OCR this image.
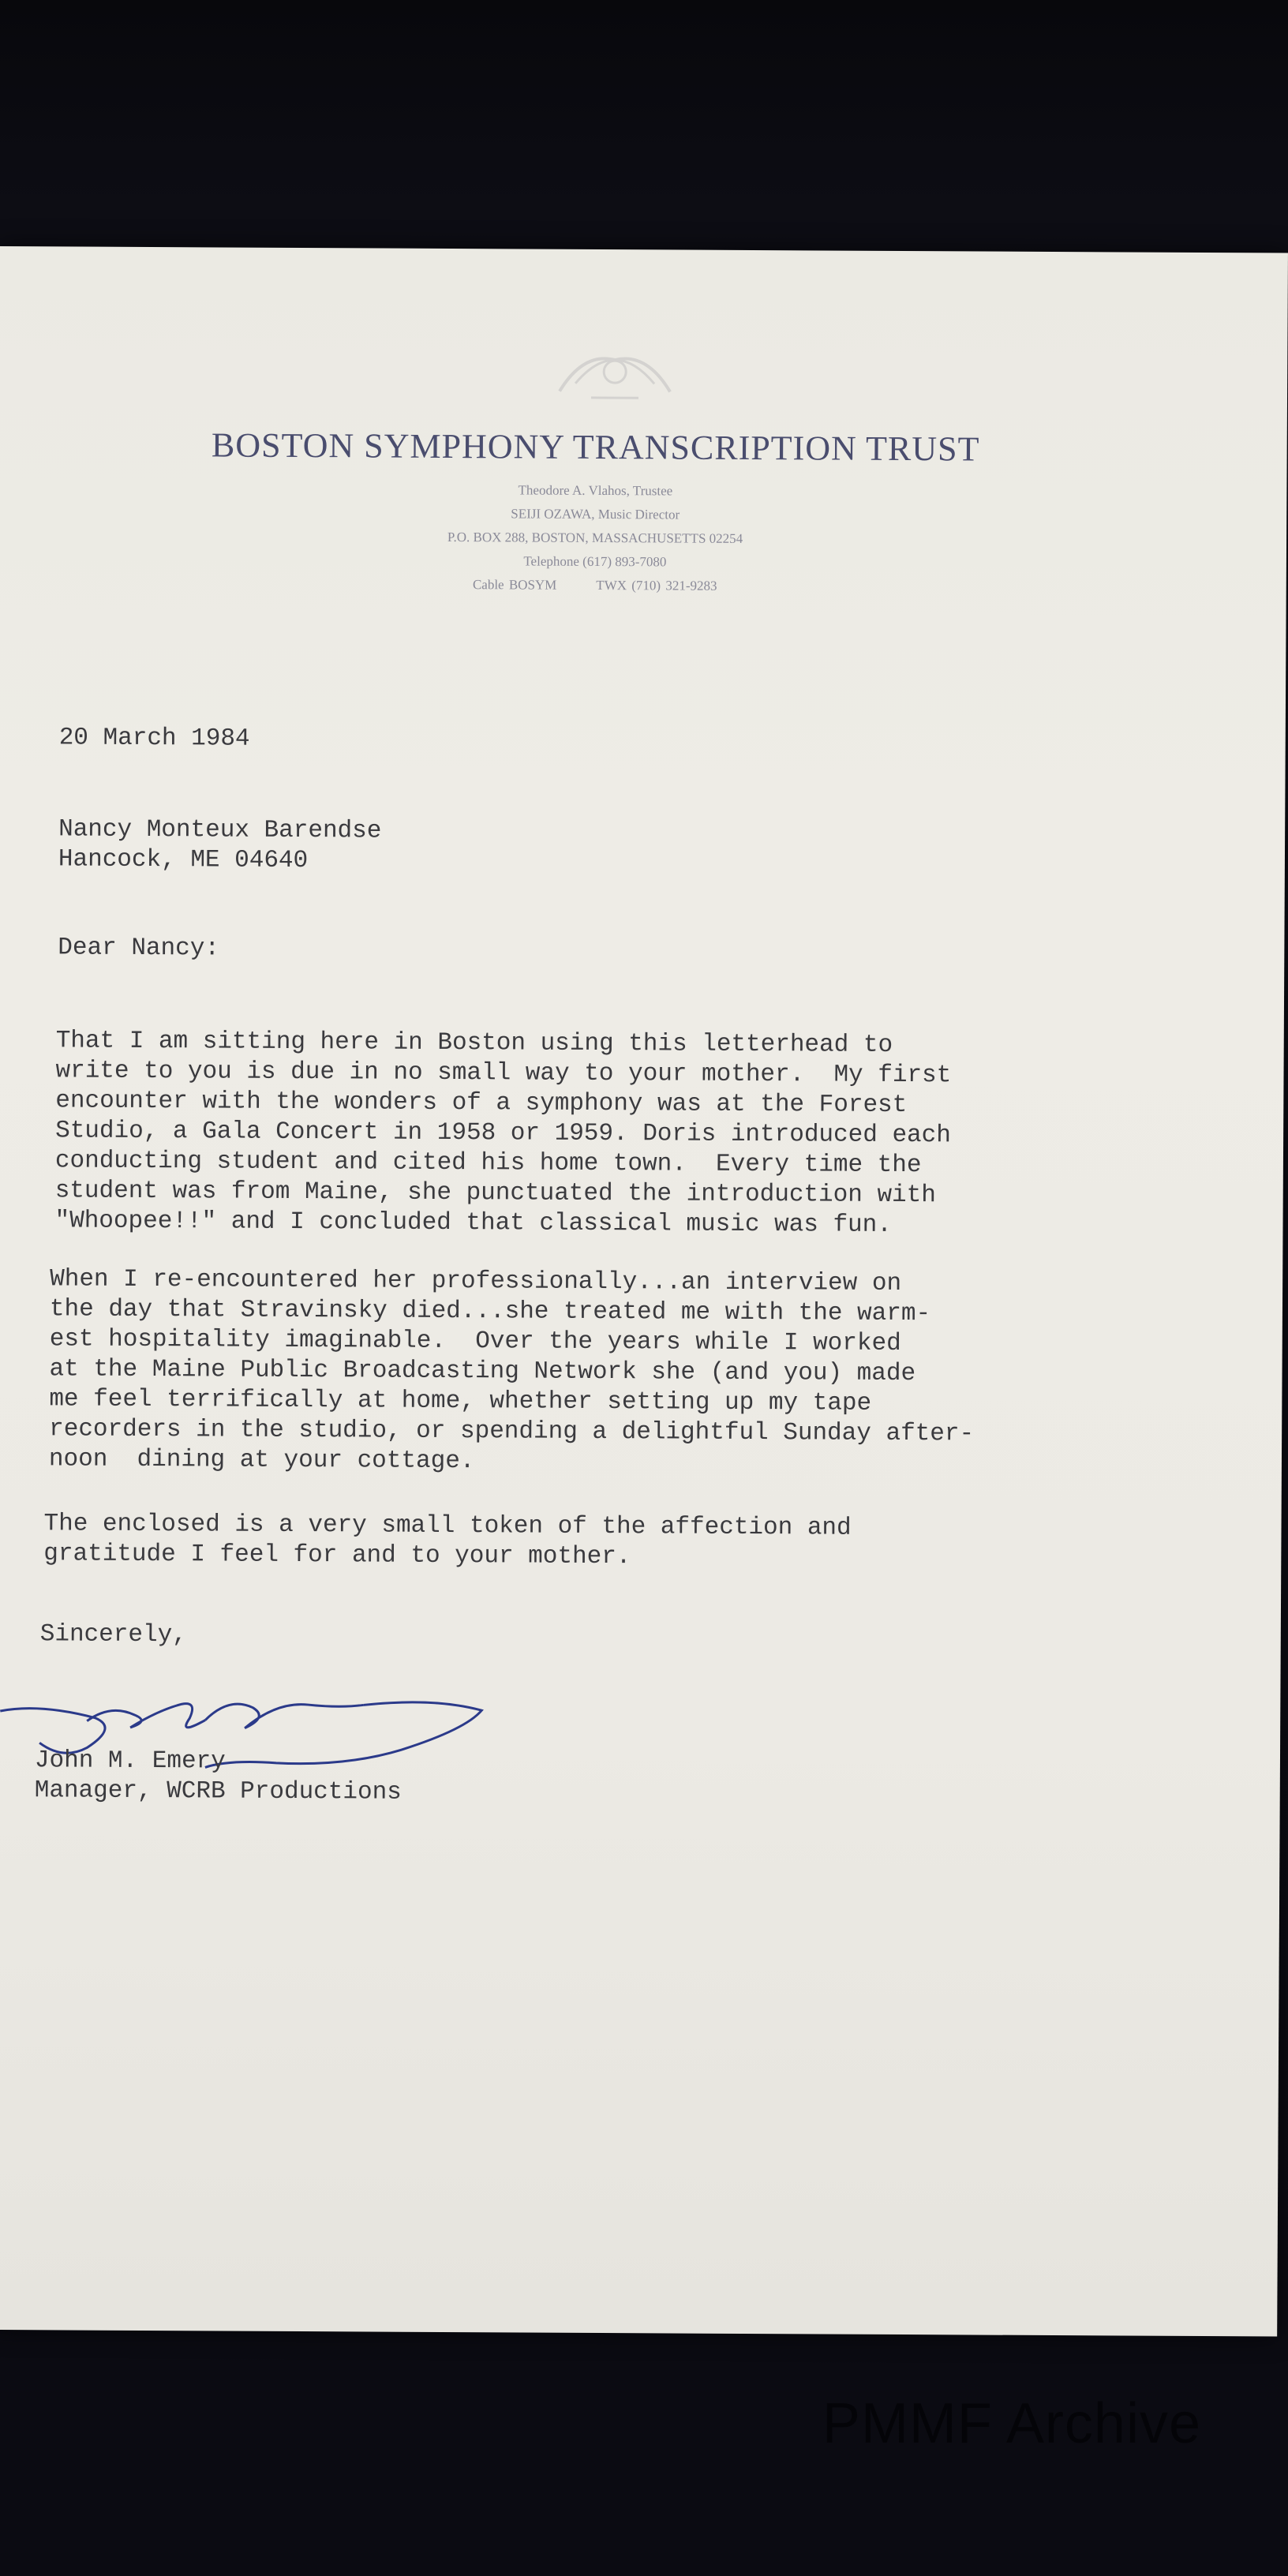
BOSTON SYMPHONY TRANSCRIPTION TRUST
Theodore A. Vlahos, Trustee
SEIJI OZAWA, Music Director
P.O. BOX 288, BOSTON, MASSACHUSETTS 02254
Telephone (617) 893-7080
Cable BOSYM	TWX (710) 321-9283
20 March 1984
Nancy Monteux Barendse
Hancock, ME 04640
Dear Nancy:
That I am sitting here in Boston using this letterhead to
write to you is due in no small way to your mother.  My first
encounter with the wonders of a symphony was at the Forest
Studio, a Gala Concert in 1958 or 1959. Doris introduced each
conducting student and cited his home town.  Every time the
student was from Maine, she punctuated the introduction with
"Whoopee!!" and I concluded that classical music was fun.
When I re-encountered her professionally...an interview on
the day that Stravinsky died...she treated me with the warm-
est hospitality imaginable.  Over the years while I worked
at the Maine Public Broadcasting Network she (and you) made
me feel terrifically at home, whether setting up my tape
recorders in the studio, or spending a delightful Sunday after-
noon  dining at your cottage.
The enclosed is a very small token of the affection and
gratitude I feel for and to your mother.
Sincerely,
John M. Emery
Manager, WCRB Productions
PMMF Archive
